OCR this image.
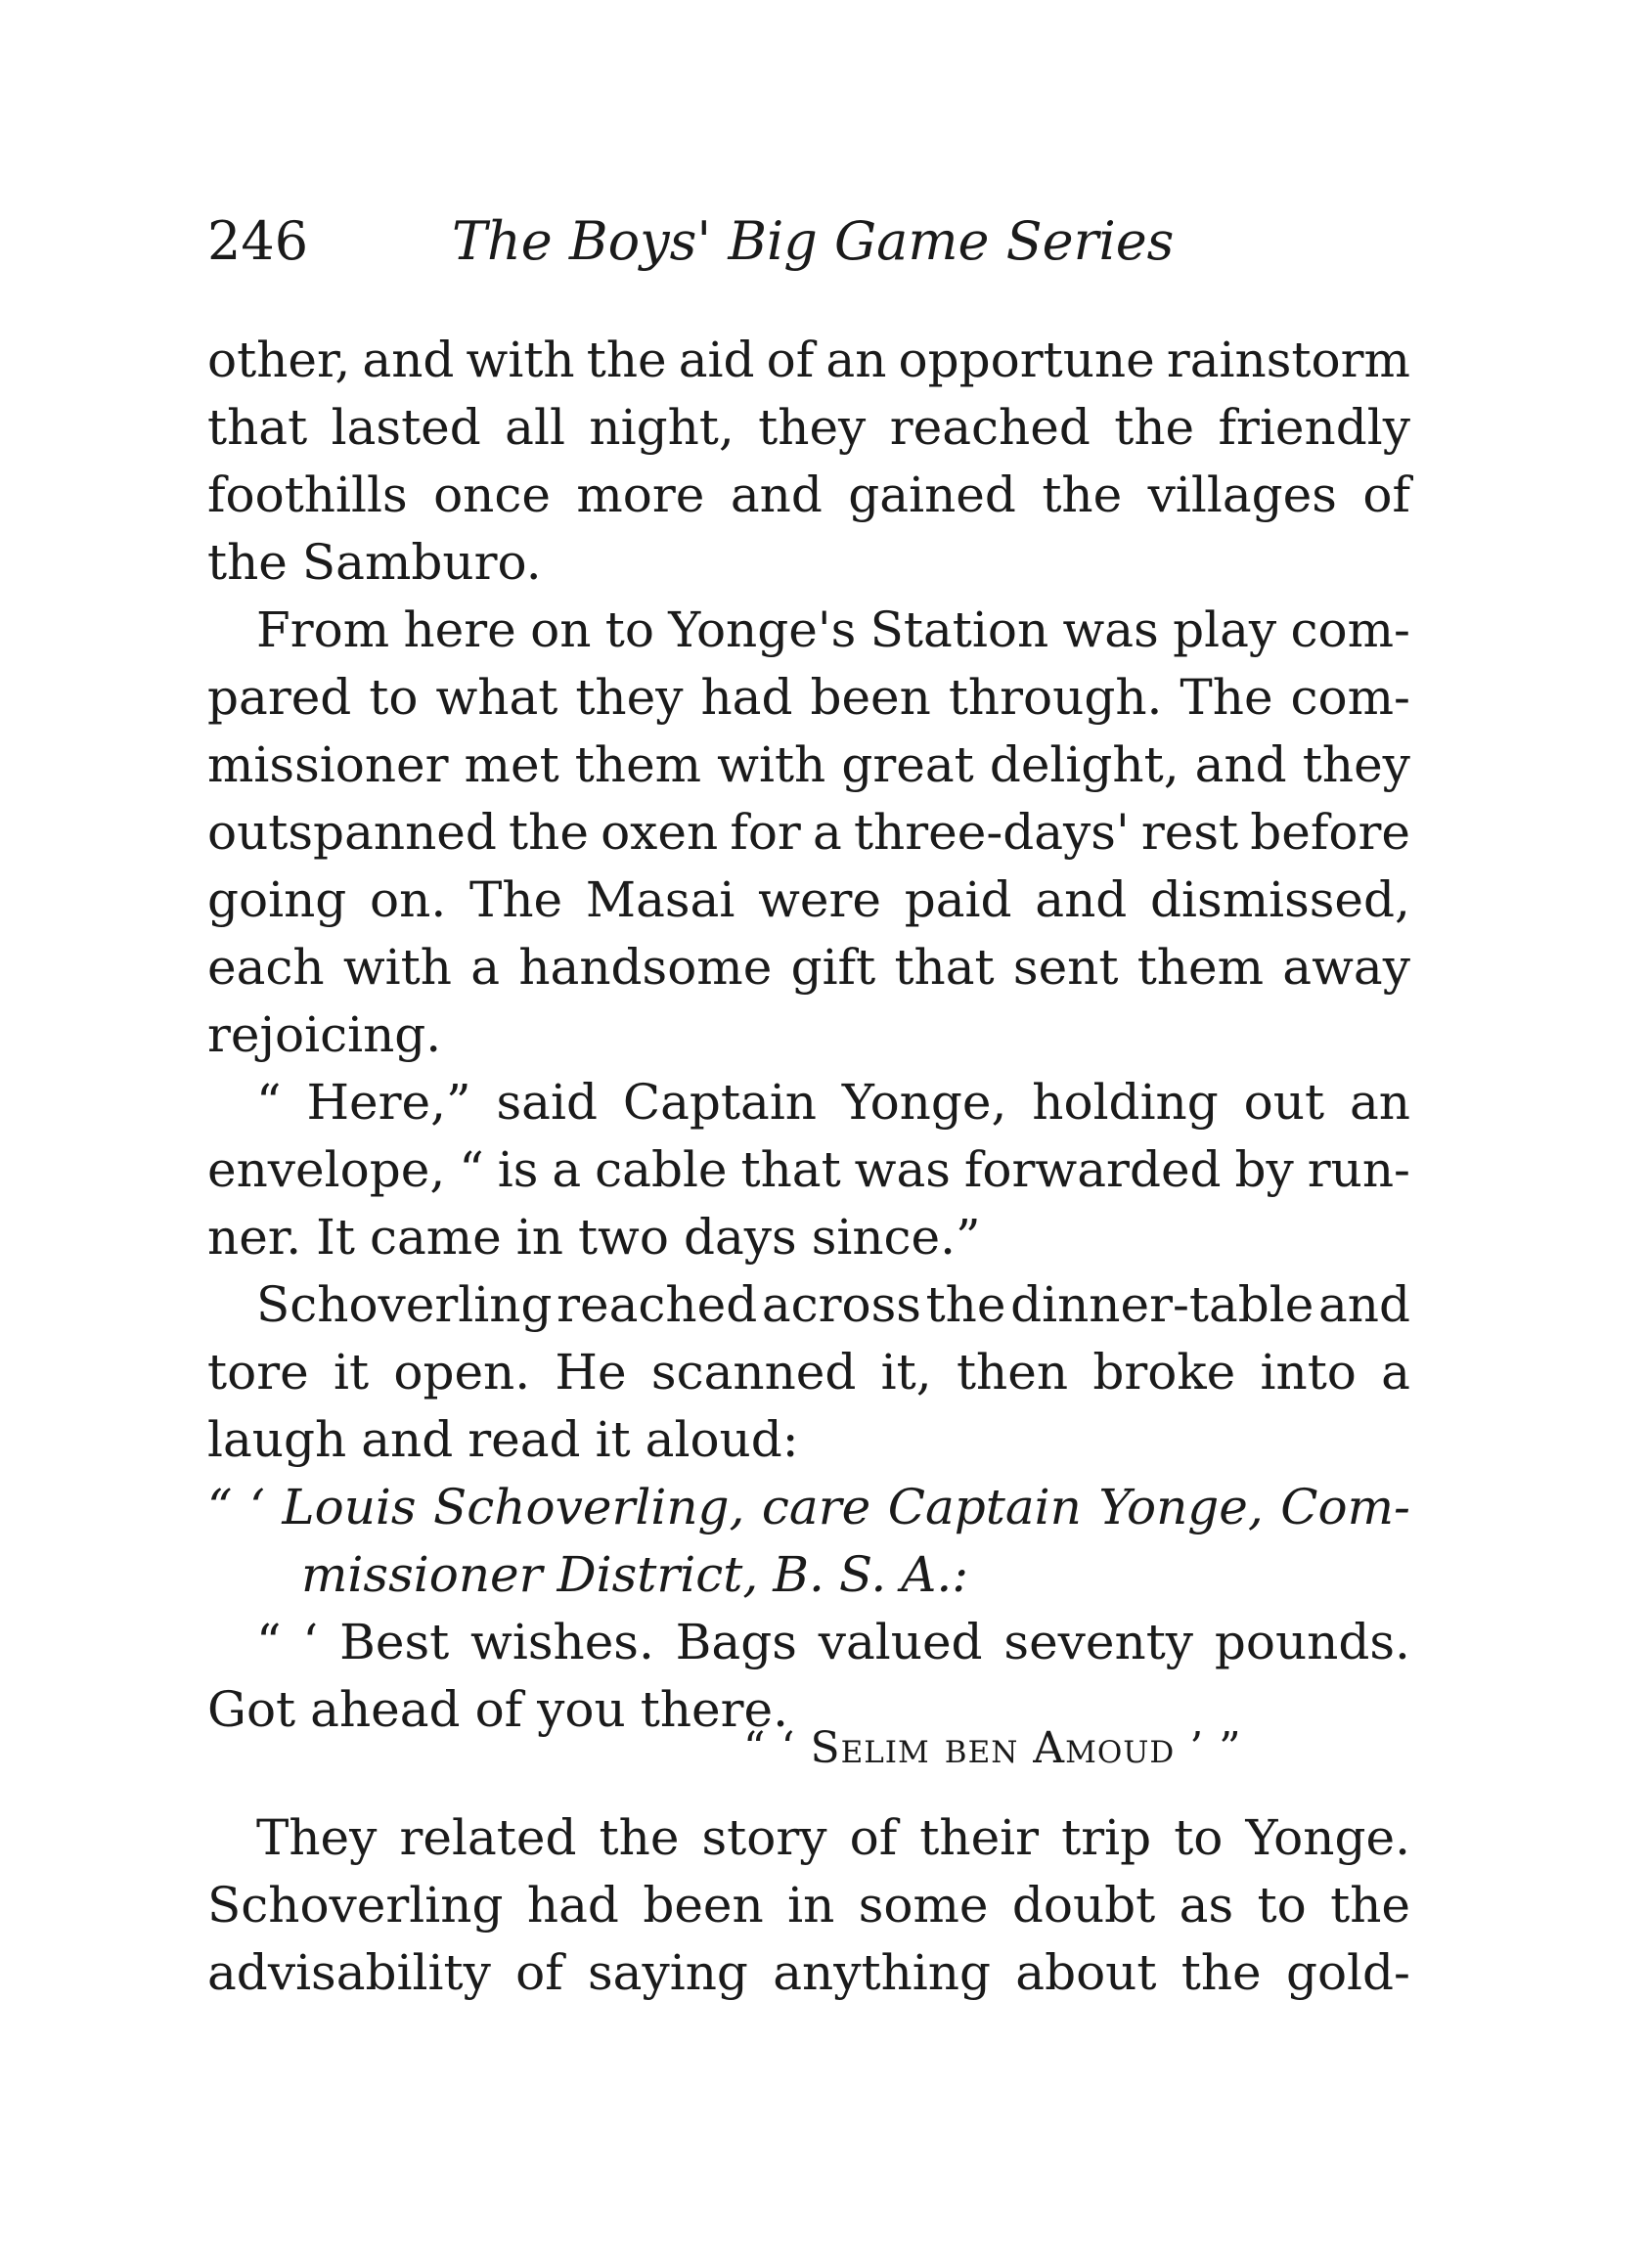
246	The Boys' Big Game Series
other, and with the aid of an opportune rainstorm
that lasted all night, they reached the friendly
foothills once more and gained the villages of
the Samburo.
From here on to Yonge's Station was play com-
pared to what they had been through. The com-
missioner met them with great delight, and they
outspanned the oxen for a three-days' rest before
going on. The Masai were paid and dismissed,
each with a handsome gift that sent them away
rejoicing.
“ Here,” said Captain Yonge, holding out an
envelope, “ is a cable that was forwarded by run-
ner. It came in two days since.”
Schoverling reached across the dinner-table and
tore it open. He scanned it, then broke into a
laugh and read it aloud:
“ ‘ Louis Schoverling, care Captain Yonge, Com-
missioner District, B. S. A.:
“ ‘ Best wishes. Bags valued seventy pounds.
Got ahead of you there.
“ ‘ Selim ben Amoud ’ ”
They related the story of their trip to Yonge.
Schoverling had been in some doubt as to the
advisability of saying anything about the gold-
